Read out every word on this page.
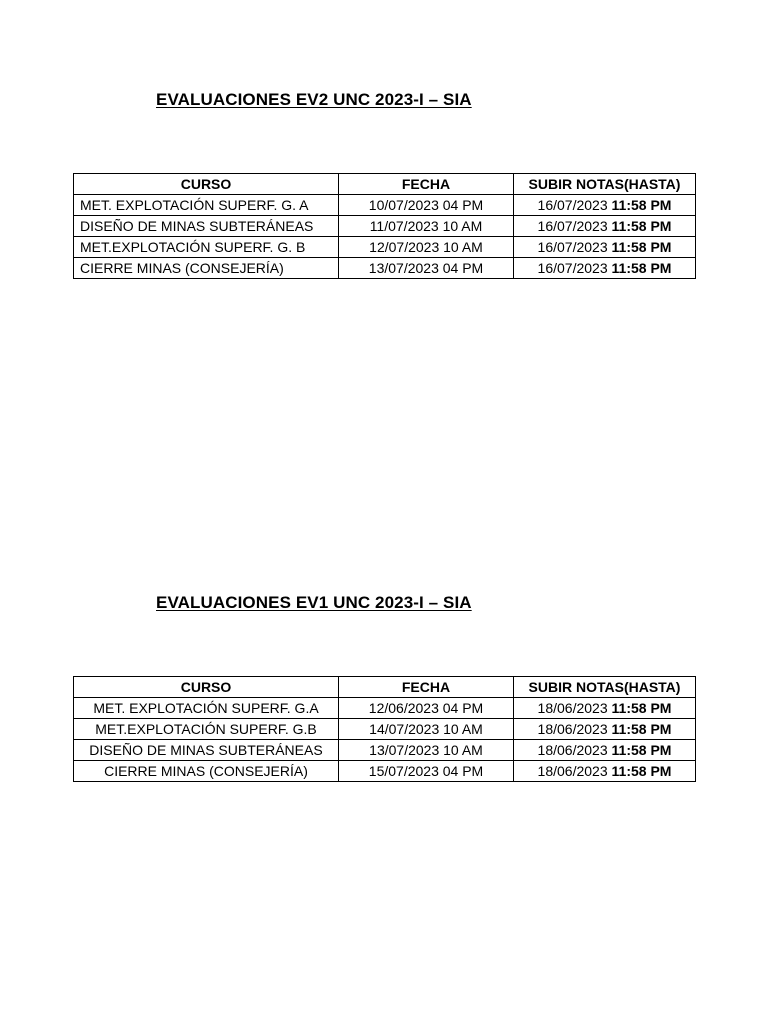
EVALUACIONES EV2 UNC 2023-I – SIA
CURSO	FECHA	SUBIR NOTAS(HASTA)
MET. EXPLOTACIÓN SUPERF. G. A	10/07/2023 04 PM	16/07/2023 11:58 PM
DISEÑO DE MINAS SUBTERÁNEAS	11/07/2023 10 AM	16/07/2023 11:58 PM
MET.EXPLOTACIÓN SUPERF. G. B	12/07/2023 10 AM	16/07/2023 11:58 PM
CIERRE MINAS (CONSEJERÍA)	13/07/2023 04 PM	16/07/2023 11:58 PM
EVALUACIONES EV1 UNC 2023-I – SIA
CURSO	FECHA	SUBIR NOTAS(HASTA)
MET. EXPLOTACIÓN SUPERF. G.A	12/06/2023 04 PM	18/06/2023 11:58 PM
MET.EXPLOTACIÓN SUPERF. G.B	14/07/2023 10 AM	18/06/2023 11:58 PM
DISEÑO DE MINAS SUBTERÁNEAS	13/07/2023 10 AM	18/06/2023 11:58 PM
CIERRE MINAS (CONSEJERÍA)	15/07/2023 04 PM	18/06/2023 11:58 PM
